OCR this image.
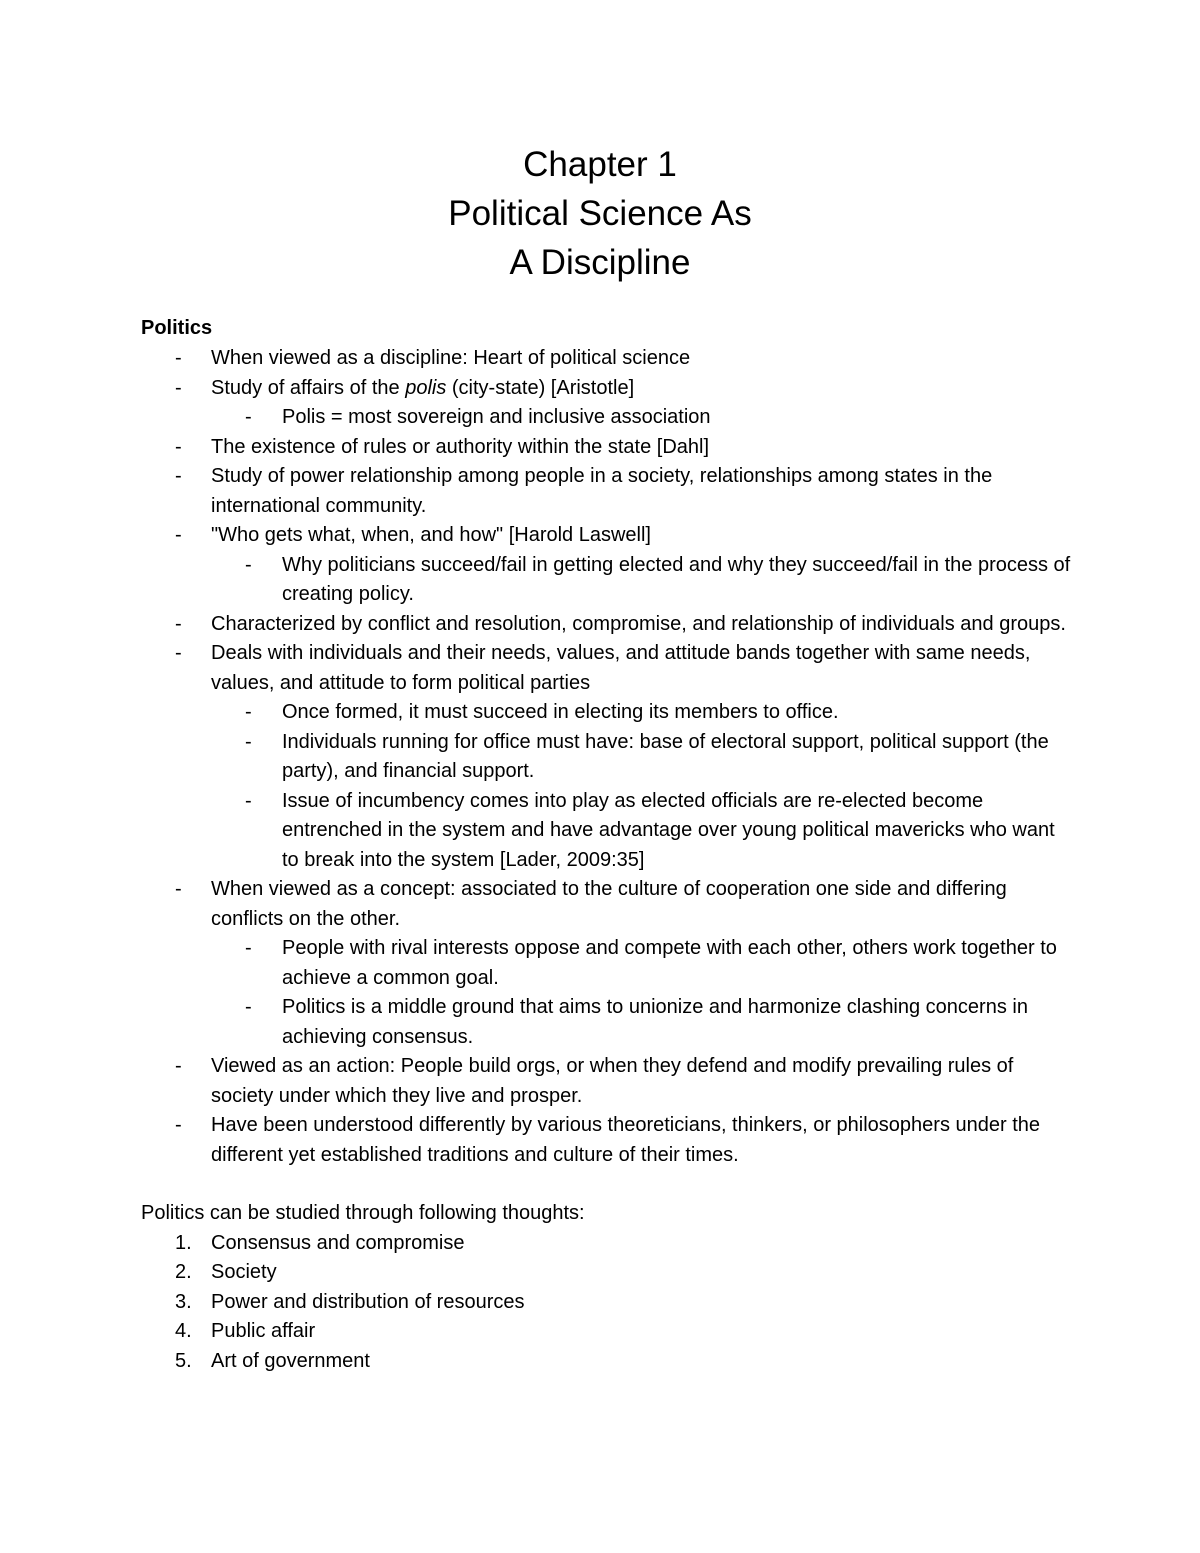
Chapter 1

Political Science As

A Discipline

Politics

-	When viewed as a discipline: Heart of political science
-	Study of affairs of the polis (city-state) [Aristotle]
-	Polis = most sovereign and inclusive association
-	The existence of rules or authority within the state [Dahl]
-	Study of power relationship among people in a society, relationships among states in the international community.
-	"Who gets what, when, and how" [Harold Laswell]
-	Why politicians succeed/fail in getting elected and why they succeed/fail in the process of creating policy.
-	Characterized by conflict and resolution, compromise, and relationship of individuals and groups.
-	Deals with individuals and their needs, values, and attitude bands together with same needs, values, and attitude to form political parties
-	Once formed, it must succeed in electing its members to office.
-	Individuals running for office must have: base of electoral support, political support (the party), and financial support.
-	Issue of incumbency comes into play as elected officials are re-elected become entrenched in the system and have advantage over young political mavericks who want to break into the system [Lader, 2009:35]
-	When viewed as a concept: associated to the culture of cooperation one side and differing conflicts on the other.
-	People with rival interests oppose and compete with each other, others work together to achieve a common goal.
-	Politics is a middle ground that aims to unionize and harmonize clashing concerns in achieving consensus.
-	Viewed as an action: People build orgs, or when they defend and modify prevailing rules of society under which they live and prosper.
-	Have been understood differently by various theoreticians, thinkers, or philosophers under the different yet established traditions and culture of their times.

Politics can be studied through following thoughts:

1. Consensus and compromise
2. Society
3. Power and distribution of resources
4. Public affair
5. Art of government
